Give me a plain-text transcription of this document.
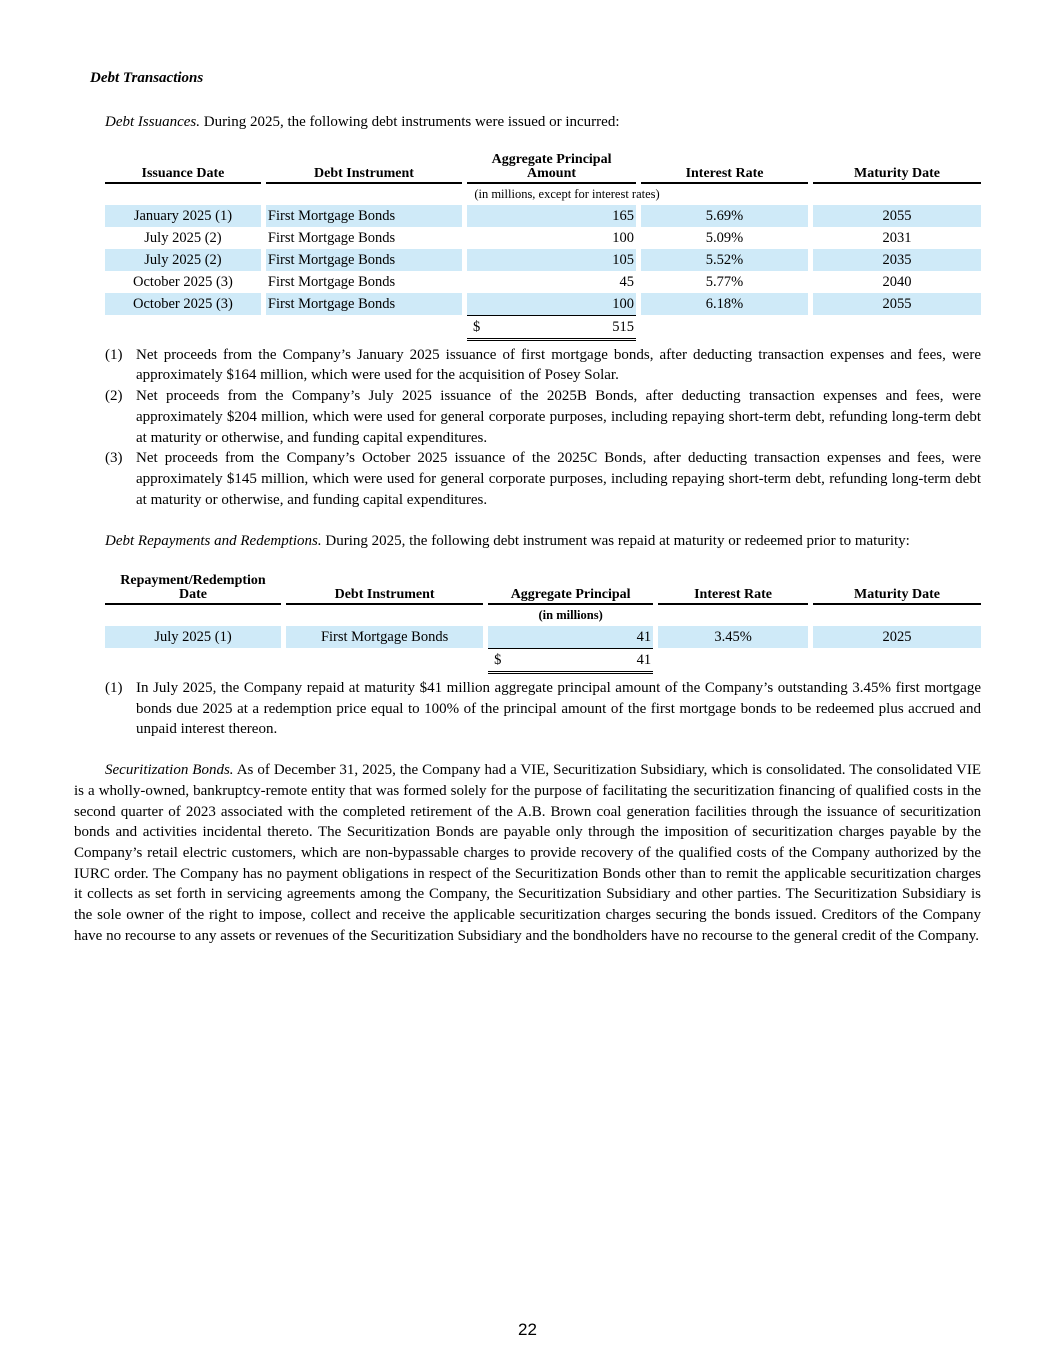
Debt Transactions

Debt Issuances. During 2025, the following debt instruments were issued or incurred:

Issuance Date	Debt Instrument	Aggregate Principal Amount	Interest Rate	Maturity Date
(in millions, except for interest rates)				
January 2025 (1)	First Mortgage Bonds	165	5.69%	2055
July 2025 (2)	First Mortgage Bonds	100	5.09%	2031
July 2025 (2)	First Mortgage Bonds	105	5.52%	2035
October 2025 (3)	First Mortgage Bonds	45	5.77%	2040
October 2025 (3)	First Mortgage Bonds	100	6.18%	2055

		$ 515		
(1) Net proceeds from the Company’s January 2025 issuance of first mortgage bonds, after deducting transaction expenses and fees, were approximately $164 million, which were used for the acquisition of Posey Solar.
(2) Net proceeds from the Company’s July 2025 issuance of the 2025B Bonds, after deducting transaction expenses and fees, were approximately $204 million, which were used for general corporate purposes, including repaying short-term debt, refunding long-term debt at maturity or otherwise, and funding capital expenditures.
(3) Net proceeds from the Company’s October 2025 issuance of the 2025C Bonds, after deducting transaction expenses and fees, were approximately $145 million, which were used for general corporate purposes, including repaying short-term debt, refunding long-term debt at maturity or otherwise, and funding capital expenditures.

Debt Repayments and Redemptions. During 2025, the following debt instrument was repaid at maturity or redeemed prior to maturity:

Repayment/Redemption Date	Debt Instrument	Aggregate Principal	Interest Rate	Maturity Date
		(in millions)		
July 2025 (1)	First Mortgage Bonds	41	3.45%	2025

		$ 41		
(1) In July 2025, the Company repaid at maturity $41 million aggregate principal amount of the Company’s outstanding 3.45% first mortgage bonds due 2025 at a redemption price equal to 100% of the principal amount of the first mortgage bonds to be redeemed plus accrued and unpaid interest thereon.

Securitization Bonds. As of December 31, 2025, the Company had a VIE, Securitization Subsidiary, which is consolidated. The consolidated VIE is a wholly-owned, bankruptcy-remote entity that was formed solely for the purpose of facilitating the securitization financing of qualified costs in the second quarter of 2023 associated with the completed retirement of the A.B. Brown coal generation facilities through the issuance of securitization bonds and activities incidental thereto. The Securitization Bonds are payable only through the imposition of securitization charges payable by the Company’s retail electric customers, which are non-bypassable charges to provide recovery of the qualified costs of the Company authorized by the IURC order. The Company has no payment obligations in respect of the Securitization Bonds other than to remit the applicable securitization charges it collects as set forth in servicing agreements among the Company, the Securitization Subsidiary and other parties. The Securitization Subsidiary is the sole owner of the right to impose, collect and receive the applicable securitization charges securing the bonds issued. Creditors of the Company have no recourse to any assets or revenues of the Securitization Subsidiary and the bondholders have no recourse to the general credit of the Company.

22
